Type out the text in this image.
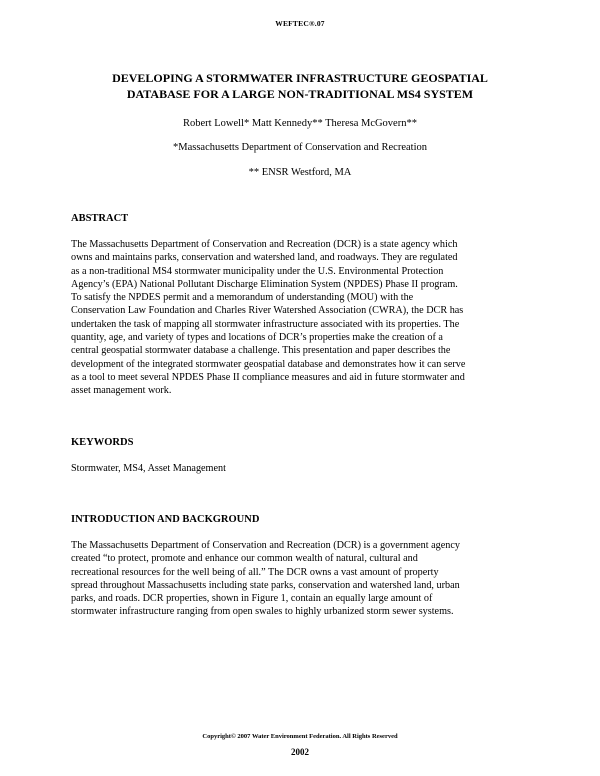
WEFTEC®.07
DEVELOPING A STORMWATER INFRASTRUCTURE GEOSPATIAL
DATABASE FOR A LARGE NON-TRADITIONAL MS4 SYSTEM
Robert Lowell* Matt Kennedy** Theresa McGovern**
*Massachusetts Department of Conservation and Recreation
** ENSR Westford, MA
ABSTRACT
The Massachusetts Department of Conservation and Recreation (DCR) is a state agency which
owns and maintains parks, conservation and watershed land, and roadways. They are regulated
as a non-traditional MS4 stormwater municipality under the U.S. Environmental Protection
Agency’s (EPA) National Pollutant Discharge Elimination System (NPDES) Phase II program.
To satisfy the NPDES permit and a memorandum of understanding (MOU) with the
Conservation Law Foundation and Charles River Watershed Association (CWRA), the DCR has
undertaken the task of mapping all stormwater infrastructure associated with its properties. The
quantity, age, and variety of types and locations of DCR’s properties make the creation of a
central geospatial stormwater database a challenge. This presentation and paper describes the
development of the integrated stormwater geospatial database and demonstrates how it can serve
as a tool to meet several NPDES Phase II compliance measures and aid in future stormwater and
asset management work.
KEYWORDS
Stormwater, MS4, Asset Management
INTRODUCTION AND BACKGROUND
The Massachusetts Department of Conservation and Recreation (DCR) is a government agency
created “to protect, promote and enhance our common wealth of natural, cultural and
recreational resources for the well being of all.” The DCR owns a vast amount of property
spread throughout Massachusetts including state parks, conservation and watershed land, urban
parks, and roads. DCR properties, shown in Figure 1, contain an equally large amount of
stormwater infrastructure ranging from open swales to highly urbanized storm sewer systems.
Copyright© 2007 Water Environment Federation. All Rights Reserved
2002
